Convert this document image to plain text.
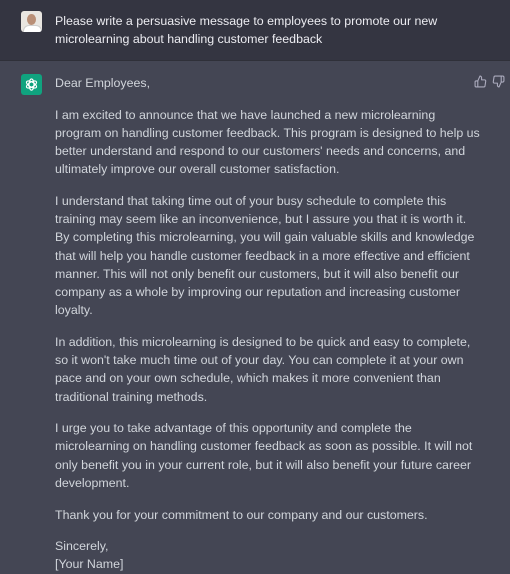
Please write a persuasive message to employees to promote our new microlearning about handling customer feedback

Dear Employees,

I am excited to announce that we have launched a new microlearning program on handling customer feedback. This program is designed to help us better understand and respond to our customers' needs and concerns, and ultimately improve our overall customer satisfaction.

I understand that taking time out of your busy schedule to complete this training may seem like an inconvenience, but I assure you that it is worth it. By completing this microlearning, you will gain valuable skills and knowledge that will help you handle customer feedback in a more effective and efficient manner. This will not only benefit our customers, but it will also benefit our company as a whole by improving our reputation and increasing customer loyalty.

In addition, this microlearning is designed to be quick and easy to complete, so it won't take much time out of your day. You can complete it at your own pace and on your own schedule, which makes it more convenient than traditional training methods.

I urge you to take advantage of this opportunity and complete the microlearning on handling customer feedback as soon as possible. It will not only benefit you in your current role, but it will also benefit your future career development.

Thank you for your commitment to our company and our customers.

Sincerely,

[Your Name]
